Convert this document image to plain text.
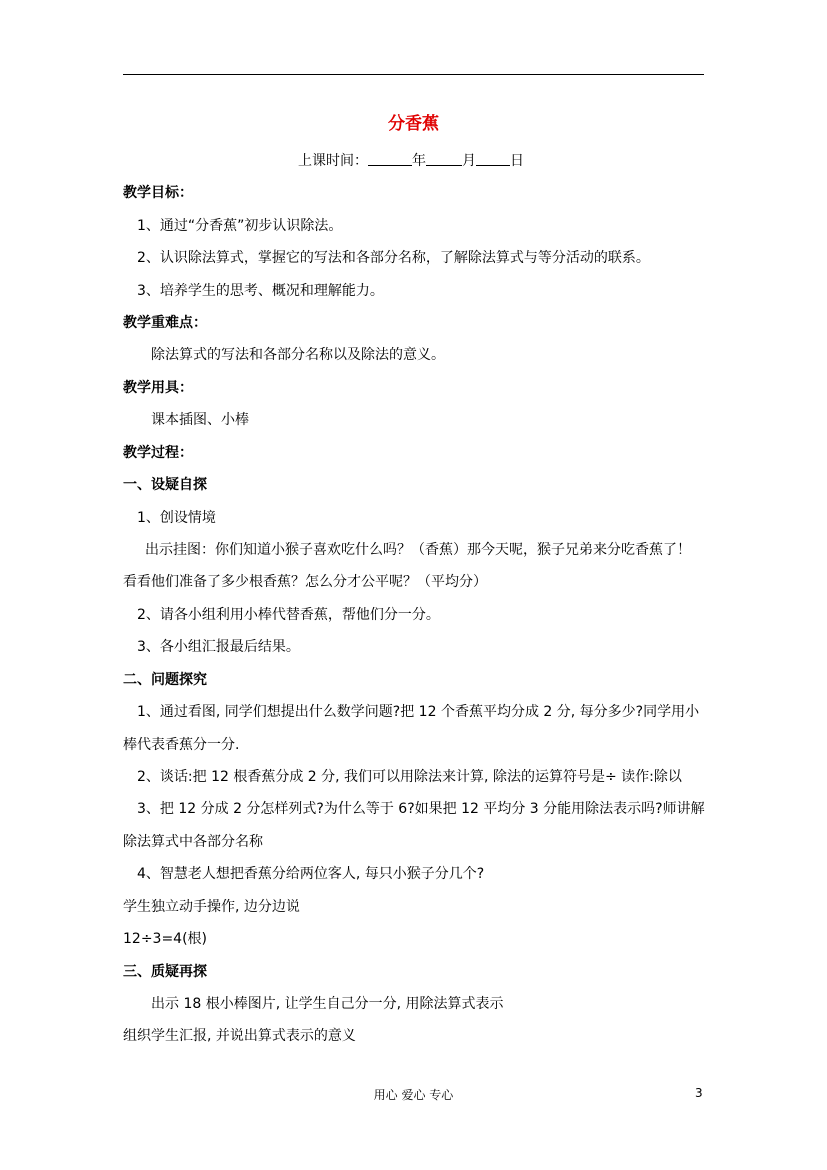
分香蕉
上课时间：	年	月 日
教学目标：
1、通过“分香蕉”初步认识除法。
2、认识除法算式，掌握它的写法和各部分名称，了解除法算式与等分活动的联系。
3、培养学生的思考、概况和理解能力。
教学重难点：
除法算式的写法和各部分名称以及除法的意义。
教学用具：
课本插图、小棒
教学过程：
一、设疑自探
1、创设情境
出示挂图：你们知道小猴子喜欢吃什么吗？（香蕉）那今天呢，猴子兄弟来分吃香蕉了！
看看他们准备了多少根香蕉？怎么分才公平呢？（平均分）
2、请各小组利用小棒代替香蕉，帮他们分一分。
3、各小组汇报最后结果。
二、问题探究
1、通过看图, 同学们想提出什么数学问题?把 12 个香蕉平均分成 2 分, 每分多少?同学用小
棒代表香蕉分一分.
2、谈话:把 12 根香蕉分成 2 分, 我们可以用除法来计算, 除法的运算符号是÷ 读作:除以
3、把 12 分成 2 分怎样列式?为什么等于 6?如果把 12 平均分 3 分能用除法表示吗?师讲解
除法算式中各部分名称
4、智慧老人想把香蕉分给两位客人, 每只小猴子分几个?
学生独立动手操作, 边分边说
12÷3=4(根)
三、质疑再探
出示 18 根小棒图片, 让学生自己分一分, 用除法算式表示
组织学生汇报, 并说出算式表示的意义
用心 爱心 专心	3
